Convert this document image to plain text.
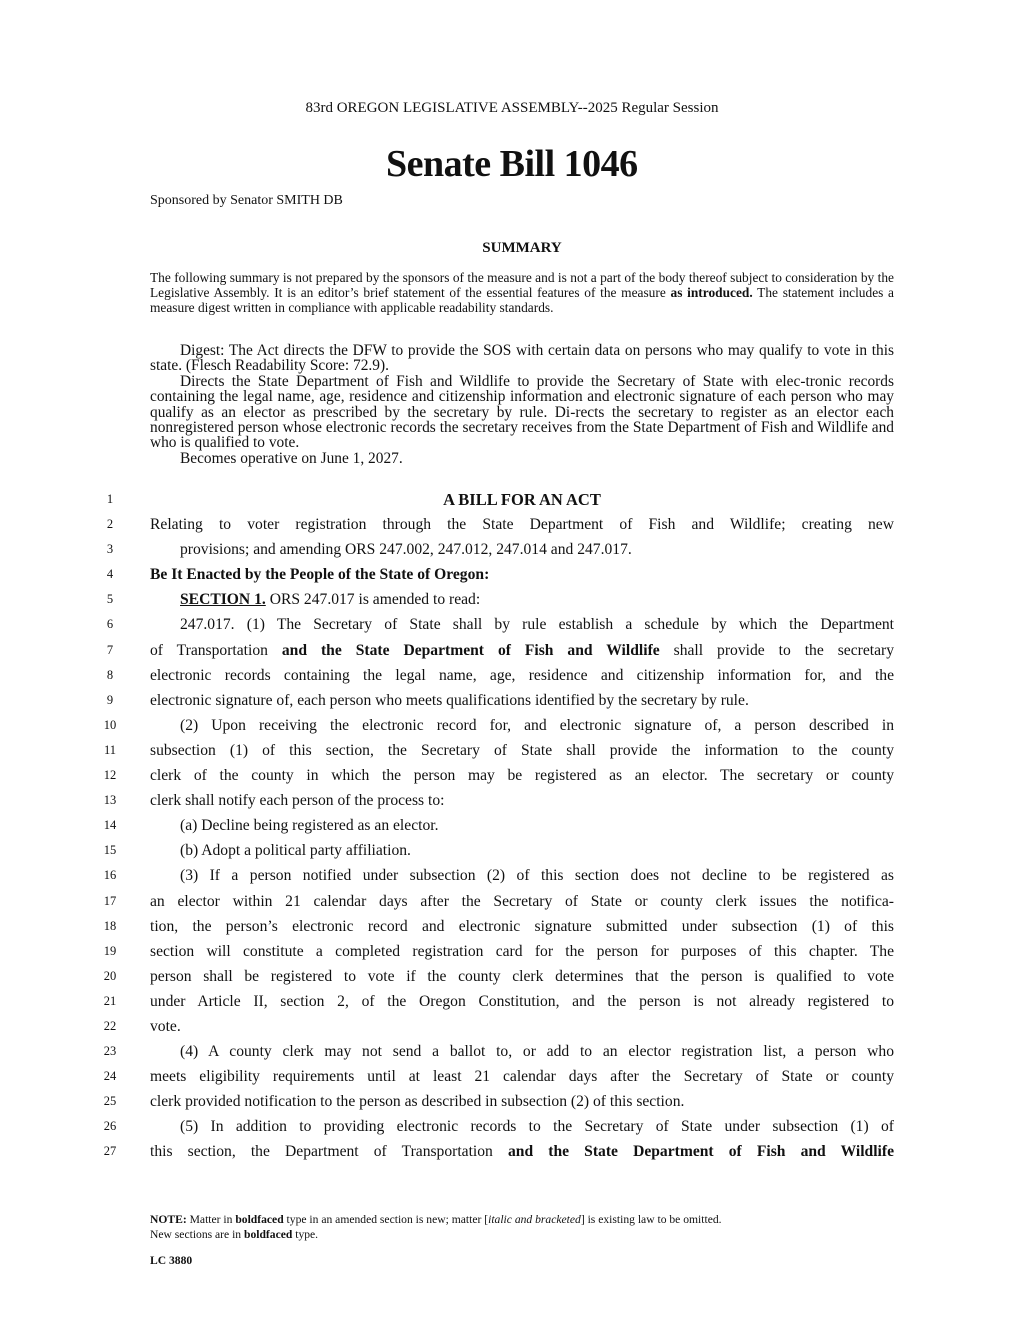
83rd OREGON LEGISLATIVE ASSEMBLY--2025 Regular Session
Senate Bill 1046
Sponsored by Senator SMITH DB
SUMMARY
The following summary is not prepared by the sponsors of the measure and is not a part of the body thereof subject to consideration by the Legislative Assembly. It is an editor’s brief statement of the essential features of the measure as introduced. The statement includes a measure digest written in compliance with applicable readability standards.

Digest: The Act directs the DFW to provide the SOS with certain data on persons who may qualify to vote in this state. (Flesch Readability Score: 72.9).

Directs the State Department of Fish and Wildlife to provide the Secretary of State with elec-tronic records containing the legal name, age, residence and citizenship information and electronic signature of each person who may qualify as an elector as prescribed by the secretary by rule. Di-rects the secretary to register as an elector each nonregistered person whose electronic records the secretary receives from the State Department of Fish and Wildlife and who is qualified to vote.

Becomes operative on June 1, 2027.

1	A BILL FOR AN ACT
2	Relating to voter registration through the State Department of Fish and Wildlife; creating new
3	provisions; and amending ORS 247.002, 247.012, 247.014 and 247.017.
4	Be It Enacted by the People of the State of Oregon:
5	SECTION 1. ORS 247.017 is amended to read:
6	247.017. (1) The Secretary of State shall by rule establish a schedule by which the Department
7	of Transportation and the State Department of Fish and Wildlife shall provide to the secretary
8	electronic records containing the legal name, age, residence and citizenship information for, and the
9	electronic signature of, each person who meets qualifications identified by the secretary by rule.
10	(2) Upon receiving the electronic record for, and electronic signature of, a person described in
11	subsection (1) of this section, the Secretary of State shall provide the information to the county
12	clerk of the county in which the person may be registered as an elector. The secretary or county
13	clerk shall notify each person of the process to:
14	(a) Decline being registered as an elector.
15	(b) Adopt a political party affiliation.
16	(3) If a person notified under subsection (2) of this section does not decline to be registered as
17	an elector within 21 calendar days after the Secretary of State or county clerk issues the notifica-
18	tion, the person’s electronic record and electronic signature submitted under subsection (1) of this
19	section will constitute a completed registration card for the person for purposes of this chapter. The
20	person shall be registered to vote if the county clerk determines that the person is qualified to vote
21	under Article II, section 2, of the Oregon Constitution, and the person is not already registered to
22	vote.
23	(4) A county clerk may not send a ballot to, or add to an elector registration list, a person who
24	meets eligibility requirements until at least 21 calendar days after the Secretary of State or county
25	clerk provided notification to the person as described in subsection (2) of this section.
26	(5) In addition to providing electronic records to the Secretary of State under subsection (1) of
27	this section, the Department of Transportation and the State Department of Fish and Wildlife
NOTE: Matter in boldfaced type in an amended section is new; matter [italic and bracketed] is existing law to be omitted.
New sections are in boldfaced type.
LC 3880
